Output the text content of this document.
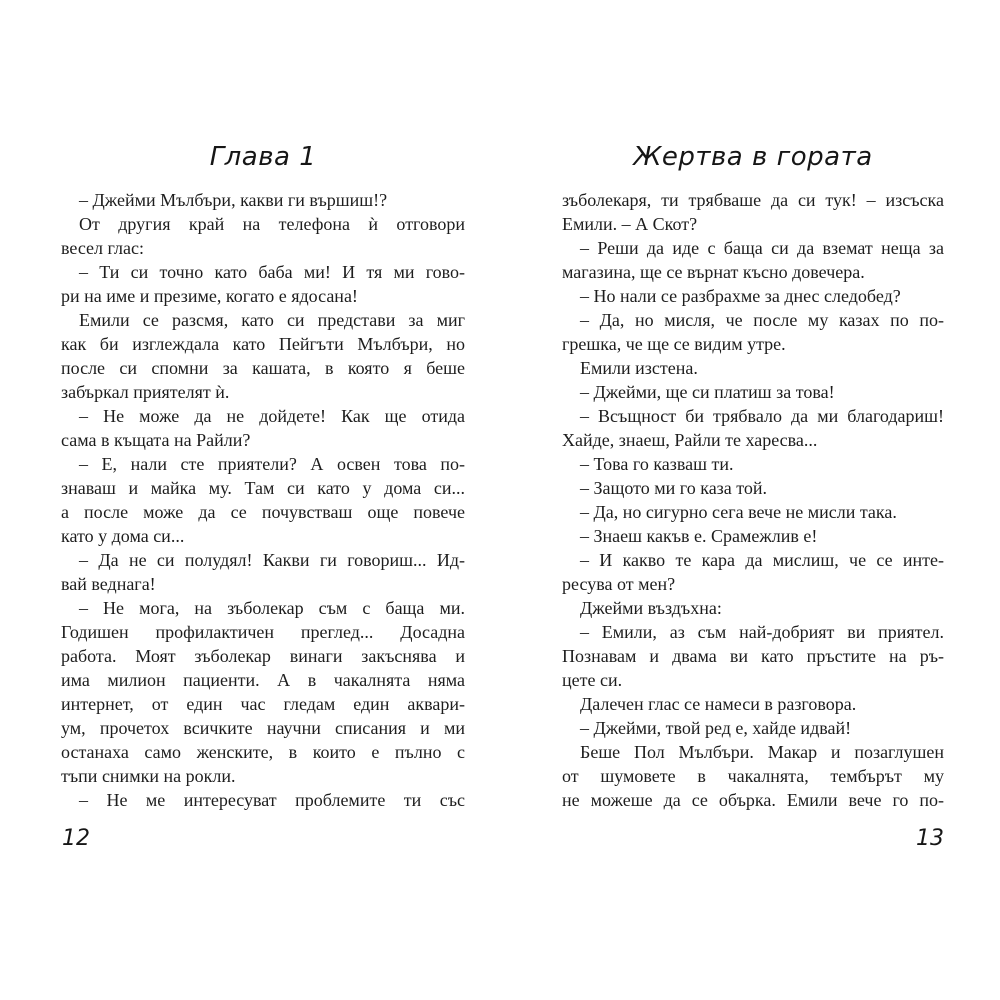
Глава 1
– Джейми Мълбъри, какви ги вършиш!?
От другия край на телефона ѝ отговори
весел глас:
– Ти си точно като баба ми! И тя ми гово-
ри на име и презиме, когато е ядосана!
Емили се разсмя, като си представи за миг
как би изглеждала като Пейгъти Мълбъри, но
после си спомни за кашата, в която я беше
забъркал приятелят ѝ.
– Не може да не дойдете! Как ще отида
сама в къщата на Райли?
– Е, нали сте приятели? А освен това по-
знаваш и майка му. Там си като у дома си...
а после може да се почувстваш още повече
като у дома си...
– Да не си полудял! Какви ги говориш... Ид-
вай веднага!
– Не мога, на зъболекар съм с баща ми.
Годишен профилактичен преглед... Досадна
работа. Моят зъболекар винаги закъснява и
има милион пациенти. А в чакалнята няма
интернет, от един час гледам един аквари-
ум, прочетох всичките научни списания и ми
останаха само женските, в които е пълно с
тъпи снимки на рокли.
– Не ме интересуват проблемите ти със
Жертва в гората
зъболекаря, ти трябваше да си тук! – изсъска
Емили. – А Скот?
– Реши да иде с баща си да вземат неща за
магазина, ще се върнат късно довечера.
– Но нали се разбрахме за днес следобед?
– Да, но мисля, че после му казах по по-
грешка, че ще се видим утре.
Емили изстена.
– Джейми, ще си платиш за това!
– Всъщност би трябвало да ми благодариш!
Хайде, знаеш, Райли те харесва...
– Това го казваш ти.
– Защото ми го каза той.
– Да, но сигурно сега вече не мисли така.
– Знаеш какъв е. Срамежлив е!
– И какво те кара да мислиш, че се инте-
ресува от мен?
Джейми въздъхна:
– Емили, аз съм най-добрият ви приятел.
Познавам и двама ви като пръстите на ръ-
цете си.
Далечен глас се намеси в разговора.
– Джейми, твой ред е, хайде идвай!
Беше Пол Мълбъри. Макар и позаглушен
от шумовете в чакалнята, тембърът му
не можеше да се обърка. Емили вече го по-
12	13
